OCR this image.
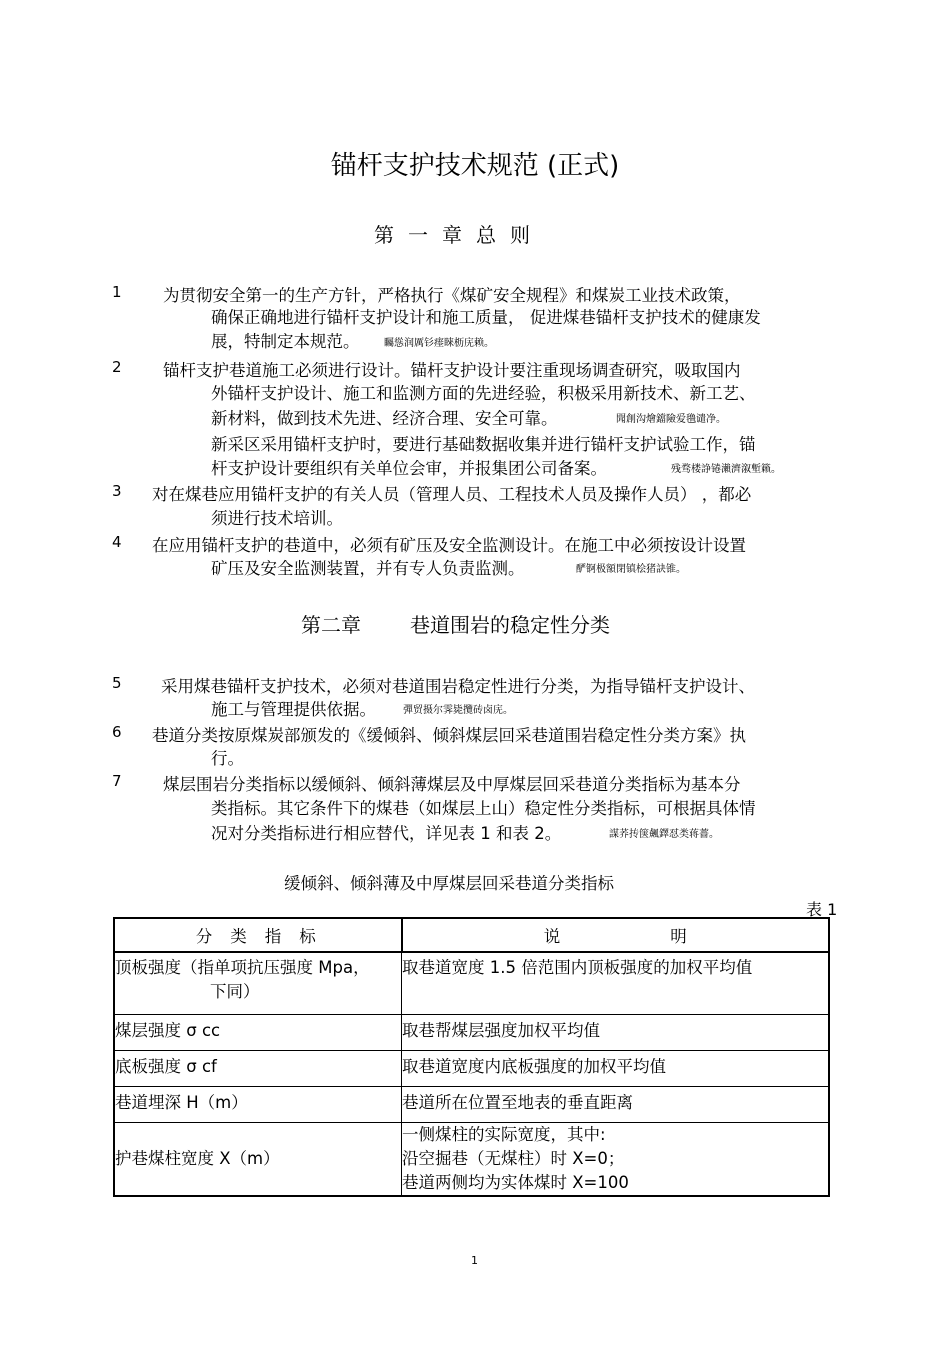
锚杆支护技术规范 (正式)
第一章总则
1	为贯彻安全第一的生产方针，严格执行《煤矿安全规程》和煤炭工业技术政策，
确保正确地进行锚杆支护设计和施工质量， 促进煤巷锚杆支护技术的健康发
展，特制定本规范。 矚慫润厲钐瘗睞枥庑赖。
2	锚杆支护巷道施工必须进行设计。锚杆支护设计要注重现场调查研究，吸取国内
外锚杆支护设计、施工和监测方面的先进经验，积极采用新技术、新工艺、
新材料，做到技术先进、经济合理、安全可靠。	聞創沟燴鐺險爱氇谴净。
新采区采用锚杆支护时，要进行基础数据收集并进行锚杆支护试验工作，锚
杆支护设计要组织有关单位会审，并报集团公司备案。	残骛楼諍锩瀨濟溆塹籟。
3 对在煤巷应用锚杆支护的有关人员（管理人员、工程技术人员及操作人员） ，都必
须进行技术培训。
4 在应用锚杆支护的巷道中，必须有矿压及安全监测设计。在施工中必须按设计设置
矿压及安全监测装置，并有专人负责监测。	酽锕极額閉镇桧猪訣锥。
第二章 巷道围岩的稳定性分类
5 采用煤巷锚杆支护技术，必须对巷道围岩稳定性进行分类，为指导锚杆支护设计、
施工与管理提供依据。	彈贸摄尔霁毙攬砖卤庑。
6 巷道分类按原煤炭部颁发的《缓倾斜、倾斜煤层回采巷道围岩稳定性分类方案》执
行。
7	煤层围岩分类指标以缓倾斜、倾斜薄煤层及中厚煤层回采巷道分类指标为基本分
类指标。其它条件下的煤巷（如煤层上山）稳定性分类指标，可根据具体情
况对分类指标进行相应替代，详见表 1 和表 2。	謀荞抟箧飆鐸怼类蒋薔。
缓倾斜、倾斜薄及中厚煤层回采巷道分类指标
表 1
分类指标	说 明

顶板强度（指单项抗压强度 Mpa，
下同）	取巷道宽度 1.5 倍范围内顶板强度的加权平均值

煤层强度 σ cc	取巷帮煤层强度加权平均值

底板强度 σ cf	取巷道宽度内底板强度的加权平均值

巷道埋深 H（m）	巷道所在位置至地表的垂直距离

护巷煤柱宽度 X（m）	一侧煤柱的实际宽度，其中:
沿空掘巷（无煤柱）时 X=0；
巷道两侧均为实体煤时 X=100
1
